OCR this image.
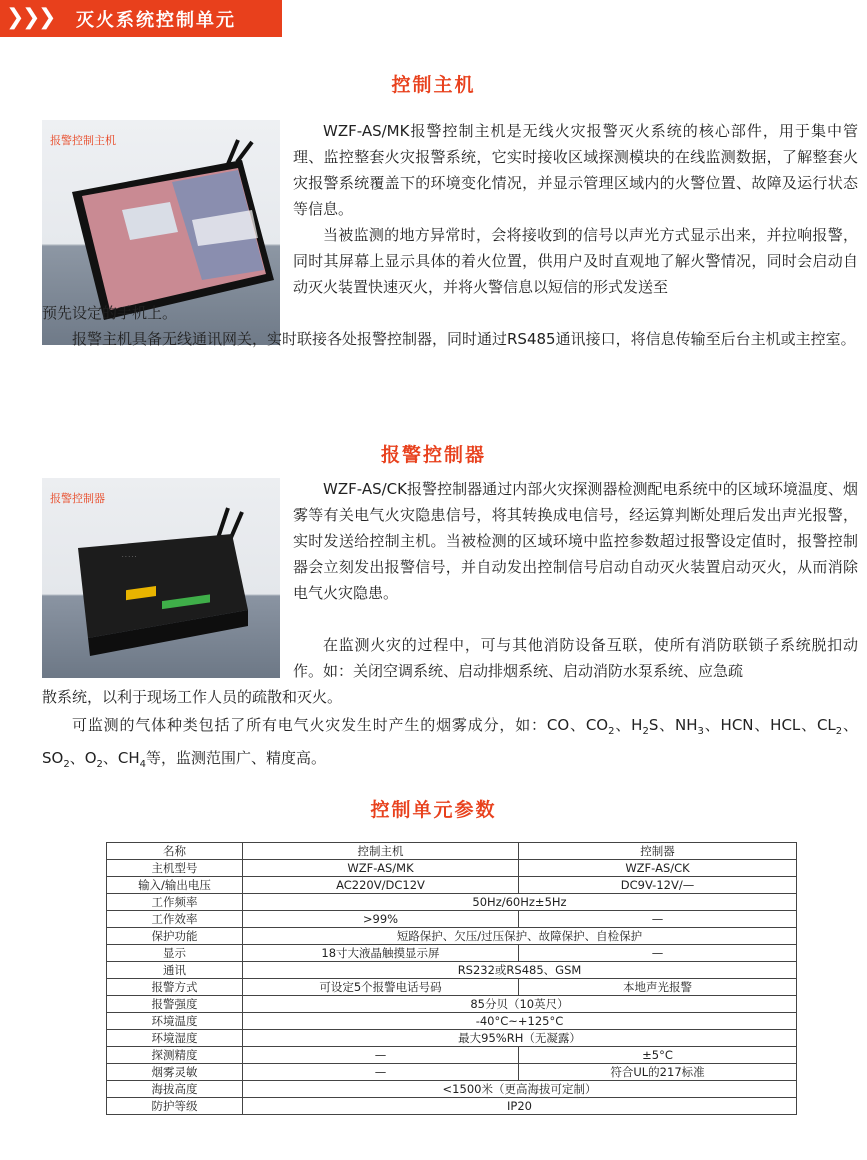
❯
❯
❯ 灭火系统控制单元
控制主机
报警控制主机

WZF-AS/MK报警控制主机是无线火灾报警灭火系统的核心部件，用于集中管理、监控整套火灾报警系统，它实时接收区域探测模块的在线监测数据，了解整套火灾报警系统覆盖下的环境变化情况，并显示管理区域内的火警位置、故障及运行状态等信息。

当被监测的地方异常时，会将接收到的信号以声光方式显示出来，并拉响报警，同时其屏幕上显示具体的着火位置，供用户及时直观地了解火警情况，同时会启动自动灭火装置快速灭火，并将火警信息以短信的形式发送至

预先设定的手机上。

报警主机具备无线通讯网关，实时联接各处报警控制器，同时通过RS485通讯接口，将信息传输至后台主机或主控室。

报警控制器
· · · · ·
报警控制器

WZF-AS/CK报警控制器通过内部火灾探测器检测配电系统中的区域环境温度、烟雾等有关电气火灾隐患信号，将其转换成电信号，经运算判断处理后发出声光报警，实时发送给控制主机。当被检测的区域环境中监控参数超过报警设定值时，报警控制器会立刻发出报警信号，并自动发出控制信号启动自动灭火装置启动灭火，从而消除电气火灾隐患。

在监测火灾的过程中，可与其他消防设备互联，使所有消防联锁子系统脱扣动作。如：关闭空调系统、启动排烟系统、启动消防水泵系统、应急疏

散系统，以利于现场工作人员的疏散和灭火。

可监测的气体种类包括了所有电气火灾发生时产生的烟雾成分，如：CO、$CO_2$、$H_2S$、$NH_3$、HCN、HCL、$CL_2$、$SO_2$、$O_2$、$CH_4$等，监测范围广、精度高。

控制单元参数
名称	控制主机	控制器
主机型号	WZF-AS/MK	WZF-AS/CK
输入/输出电压	AC220V/DC12V	DC9V-12V/—
工作频率	50Hz/60Hz±5Hz	
工作效率	>99%	—
保护功能	短路保护、欠压/过压保护、故障保护、自检保护	
显示	18寸大液晶触摸显示屏	—
通讯	RS232或RS485、GSM	
报警方式	可设定5个报警电话号码	本地声光报警
报警强度	85分贝（10英尺）	
环境温度	-40°C~+125°C	
环境湿度	最大95%RH（无凝露）	
探测精度	—	±5°C
烟雾灵敏	—	符合UL的217标准
海拔高度	<1500米（更高海拔可定制）	
防护等级	IP20	
